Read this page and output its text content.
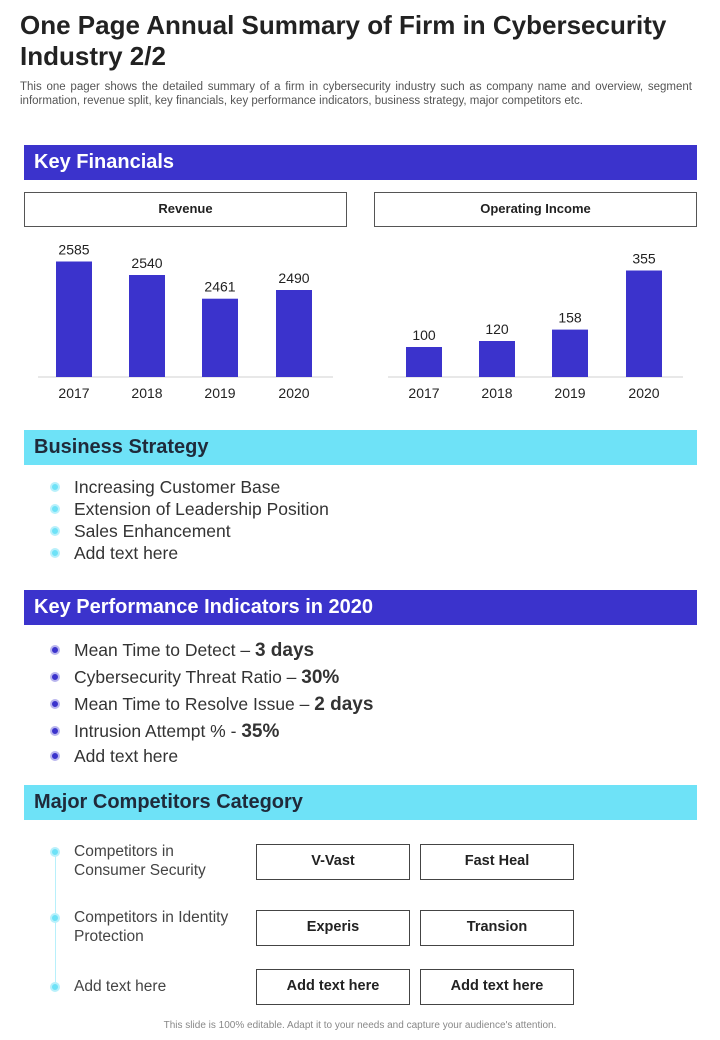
One Page Annual Summary of Firm in Cybersecurity Industry 2/2
This one pager shows the detailed summary of a firm in cybersecurity industry such as company name and overview, segment information, revenue split, key financials, key performance indicators, business strategy, major competitors etc.
Key Financials
Revenue	Operating Income
2585
2017
2540
2018
2461
2019
2490
2020
100
2017
120
2018
158
2019
355
2020
Business Strategy
Increasing Customer Base
Extension of Leadership Position
Sales Enhancement
Add text here
Key Performance Indicators in 2020
Mean Time to Detect – 3 days
Cybersecurity Threat Ratio – 30%
Mean Time to Resolve Issue – 2 days
Intrusion Attempt % - 35%
Add text here
Major Competitors Category
Competitors in Consumer Security
V-Vast	Fast Heal
Competitors in Identity Protection
Experis	Transion
Add text here	Add text here	Add text here
This slide is 100% editable. Adapt it to your needs and capture your audience's attention.
